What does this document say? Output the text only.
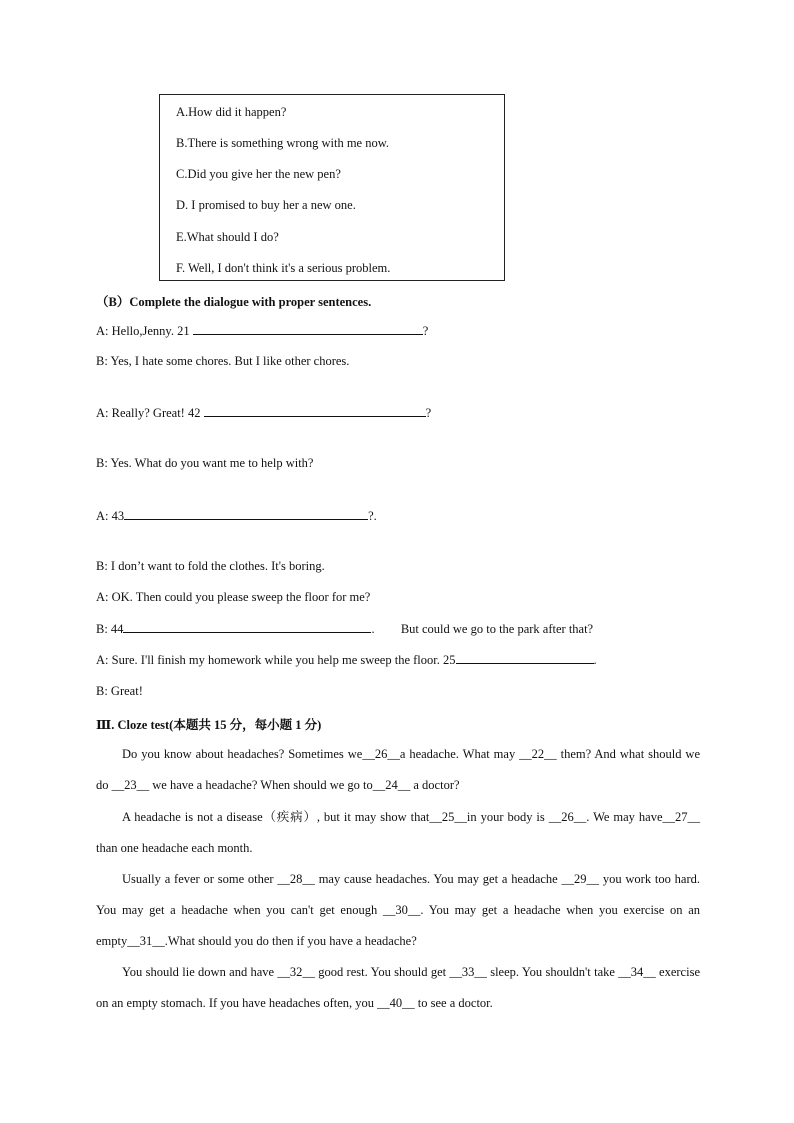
A.How did it happen?
B.There is something wrong with me now.
C.Did you give her the new pen?
D. I promised to buy her a new one.
E.What should I do?
F. Well, I don't think it's a serious problem.
（B）Complete the dialogue with proper sentences.
A: Hello,Jenny. 21	?
B: Yes, I hate some chores. But I like other chores.
A: Really? Great! 42	?
B: Yes. What do you want me to help with?
A: 43	?.
B: I don’t want to fold the clothes. It's boring.
A: OK. Then could you please sweep the floor for me?
B: 44	. But could we go to the park after that?
A: Sure. I'll finish my homework while you help me sweep the floor. 25	.
B: Great!
Ⅲ. Cloze test(本题共 15 分，每小题 1 分)
Do you know about headaches? Sometimes we__26__a headache. What may __22__ them? And what should we do __23__ we have a headache? When should we go to__24__ a doctor?
A headache is not a disease（疾病）, but it may show that__25__in your body is __26__. We may have__27__ than one headache each month.
Usually a fever or some other __28__ may cause headaches. You may get a headache __29__ you work too hard. You may get a headache when you can't get enough __30__. You may get a headache when you exercise on an empty__31__.What should you do then if you have a headache?
You should lie down and have __32__ good rest. You should get __33__ sleep. You shouldn't take __34__ exercise on an empty stomach. If you have headaches often, you __40__ to see a doctor.
